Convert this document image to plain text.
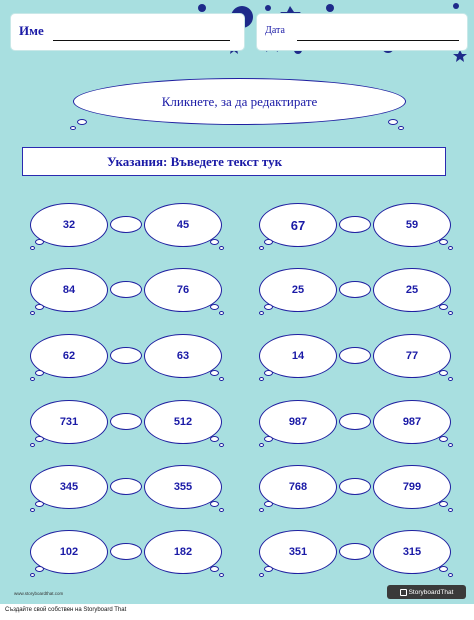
Име	Дата
Кликнете, за да редактирате
Указания: Въведете текст тук
32	45	67	59
84	76	25	25
62	63	14	77
731	512	987	987
345	355	768	799
102	182	351	315
www.storyboardthat.com	StoryboardThat
Създайте свой собствен на Storyboard That
